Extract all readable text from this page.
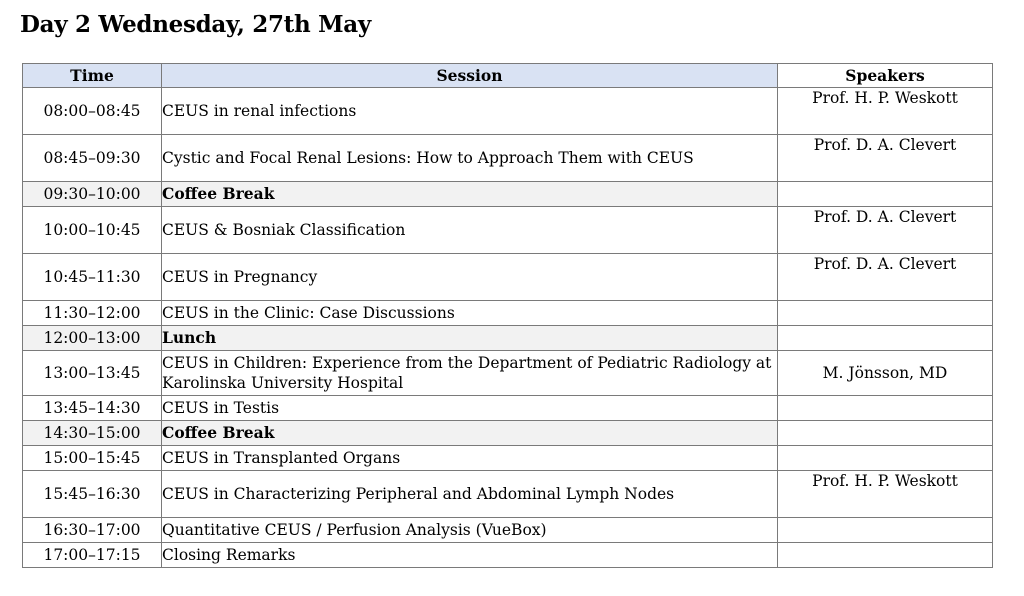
Day 2 Wednesday, 27th May
Time	Session	Speakers
08:00–08:45	CEUS in renal infections	Prof. H. P. Weskott
08:45–09:30	Cystic and Focal Renal Lesions: How to Approach Them with CEUS	Prof. D. A. Clevert
09:30–10:00	Coffee Break	
10:00–10:45	CEUS & Bosniak Classification	Prof. D. A. Clevert
10:45–11:30	CEUS in Pregnancy	Prof. D. A. Clevert
11:30–12:00	CEUS in the Clinic: Case Discussions	
12:00–13:00	Lunch	
13:00–13:45	CEUS in Children: Experience from the Department of Pediatric Radiology at Karolinska University Hospital	M. Jönsson, MD
13:45–14:30	CEUS in Testis	
14:30–15:00	Coffee Break	
15:00–15:45	CEUS in Transplanted Organs	
15:45–16:30	CEUS in Characterizing Peripheral and Abdominal Lymph Nodes	Prof. H. P. Weskott
16:30–17:00	Quantitative CEUS / Perfusion Analysis (VueBox)	
17:00–17:15	Closing Remarks	
